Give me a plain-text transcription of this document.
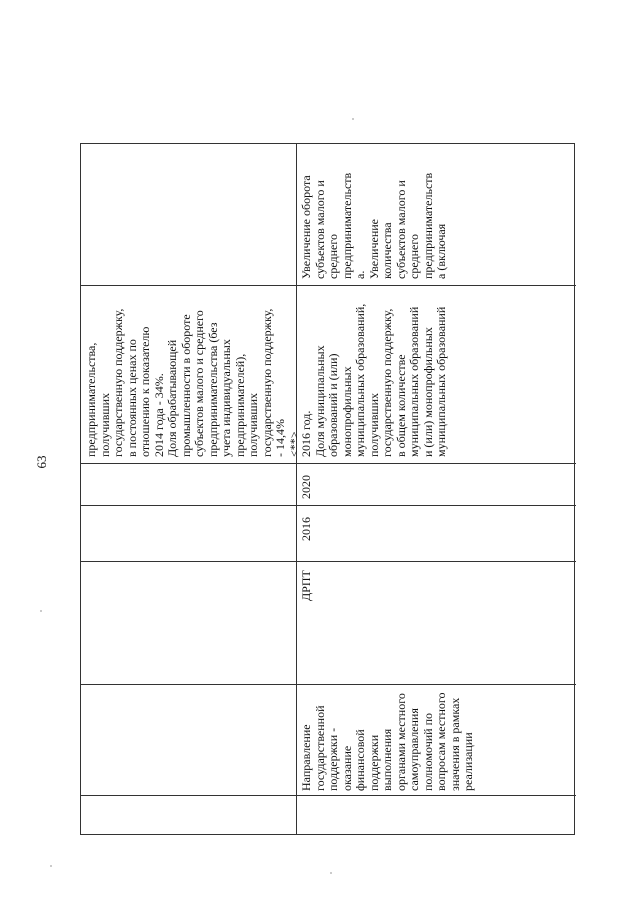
63
предпринимательства,
получивших
государственную поддержку,
в постоянных ценах по
отношению к показателю
2014 года - 34%.
Доля обрабатывающей
промышленности в обороте
субъектов малого и среднего
предпринимательства (без
учета индивидуальных
предпринимателей),
получивших
государственную поддержку,
- 14,4%
<**>
Направление
государственной
поддержки -
оказание финансовой
поддержки
выполнения
органами местного
самоуправления
полномочий по
вопросам местного
значения в рамках
реализации
ДРПТ
2016
2020
2016 год.
Доля муниципальных
образований и (или)
монопрофильных
муниципальных образований,
получивших
государственную поддержку,
в общем количестве
муниципальных образований
и (или) монопрофильных
муниципальных образований
Увеличение оборота
субъектов малого и
среднего
предпринимательств
а.
Увеличение
количества
субъектов малого и
среднего
предпринимательств
а (включая
